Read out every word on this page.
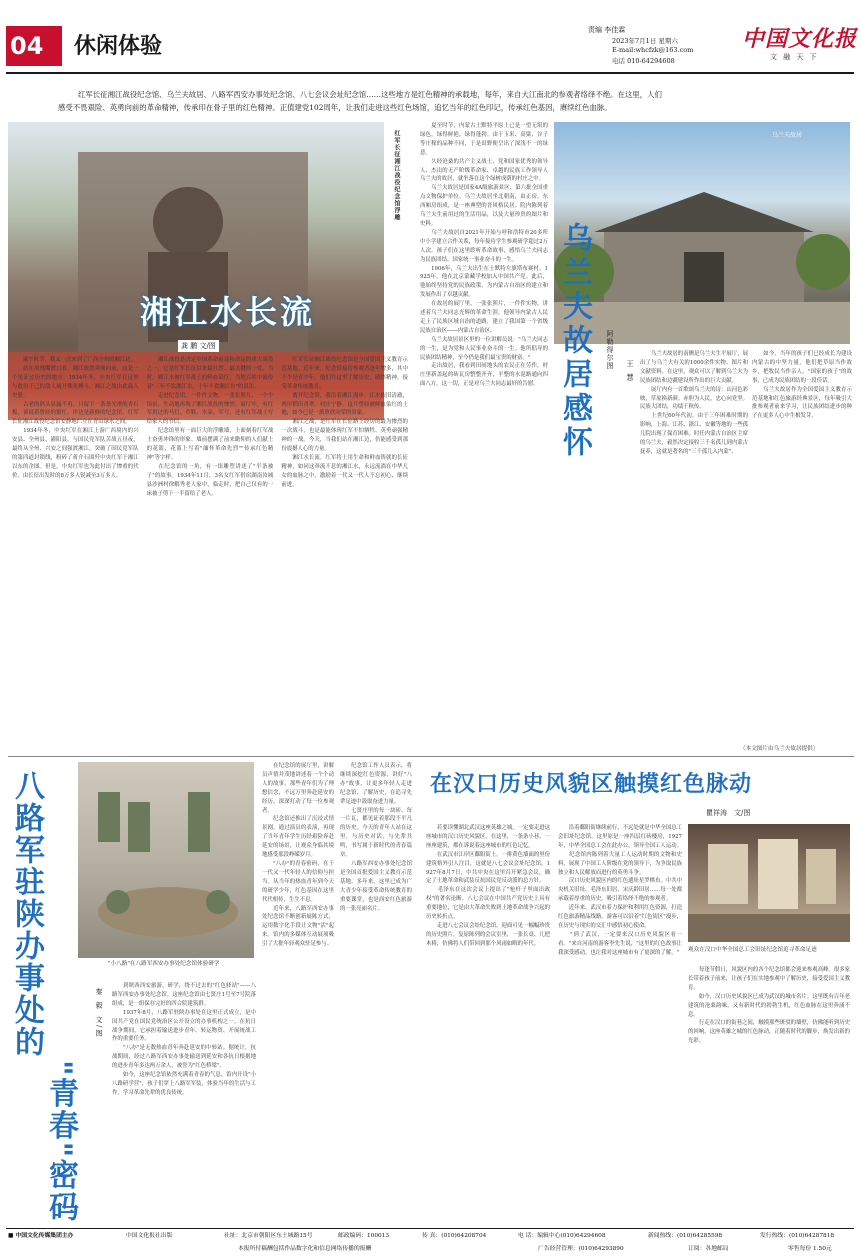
04	休闲体验
责编 李佳霖
2023年7月1日 星期六
E-mail:whcfzk@163.com
电话 010-64294608
中国文化报
文 融 天 下
红军长征湘江战役纪念馆、乌兰夫故居、八路军西安办事处纪念馆、八七会议会址纪念馆……这些地方是红色精神的承载地，每年，来自大江南北的参观者络绎不绝。在这里，人们
感受不畏艰险、英勇向前的革命精神，传承印在骨子里的红色精神。正值建党102周年，让我们走进这些红色场馆，追忆当年的红色印记，传承红色基因，赓续红色血脉。
湘江水长流
红军长征湘江战役纪念馆浮雕
龚 鹏 文/图

端午时节，我又一次来到了广西全州的湘江边。

站在凤凰嘴渡口看，湘江依然奔流向前，这是一个见证过历史的地方。1934年冬，中央红军在这里与数倍于己的敌人展开殊死搏斗，湘江之战由此载入史册。

古老的码头显露不再，只留下一条条光滑的青石板，诉说着曾经的繁忙。岸边是新修的纪念馆，红军长征湘江战役纪念馆安静地伫立在青山绿水之间。

1934年冬，中央红军在湘江上游广西境内的兴安县、全州县、灌阳县，与国民党军队苦战五昼夜，最终从全州、兴安之间强渡湘江，突破了国民党军队的第四道封锁线，粉碎了蒋介石围歼中央红军于湘江以东的企图。但是，中央红军也为此付出了惨重的代价，由长征出发时的8万多人锐减至3万多人。

湘江战役是决定中国革命前途和命运的重大战役之一，它是红军长征以来最壮烈、最关键的一仗。当时，湘江水被红军战士的鲜血染红，当地百姓中流传着"三年不饮湘江水，十年不食湘江鱼"的说法。

走进纪念馆，一件件文物、一张张照片、一个个场景，生动地再现了湘江战役的惨烈。展厅中，有红军用过的马灯、草鞋、水壶、军号，还有红军战士写给家人的书信。

纪念馆里有一面巨大的浮雕墙，上面刻着红军战士奋勇冲锋的形象。墙前摆满了前来瞻仰的人们献上的花篮，花篮上写着"缅怀革命先烈""传承红色精神"等字样。

在纪念馆的一角，有一组雕塑讲述了"半条被子"的故事。1934年11月，3名女红军借宿湖南汝城县沙洲村徐解秀老人家中，临走时，把自己仅有的一床被子剪下一半留给了老人。

红军长征湘江战役纪念馆是全国爱国主义教育示范基地。近年来，纪念馆接待参观者逐年增多，其中不少是青少年。他们在这里了解历史、感悟精神，接受革命传统教育。

离开纪念馆，我沿着湘江漫步。江水依旧清澈，两岸稻田青翠，村庄宁静。这片曾经被鲜血染红的土地，如今已是一派欣欣向荣的景象。

湘江之战，是红军在长征路上经历的最为惨烈的一次战斗，也是最能体现红军不怕牺牲、英勇顽强精神的一战。今天，当我们站在湘江边，仍能感受到那份震撼人心的力量。

湘江水长流。红军将士用生命和鲜血铸就的长征精神，如同这奔流不息的湘江水，永远流淌在中华儿女的血脉之中，激励着一代又一代人不忘初心、继续前进。

夏至时节，内蒙古土默特平原上已是一望无垠的绿色，绿得鲜艳，绿得蓬勃。由于玉米、高粱、谷子等庄稼的品种不同，于是田野便呈出了深浅不一的绿意。

久经沧桑的共产主义战士、党和国家优秀的领导人、杰出的无产阶级革命家、卓越的民族工作领导人乌兰夫的故居，就坐落在这个绿树成荫的村庄之中。

乌兰夫故居是国家4A级旅游景区、第六批全国重点文物保护单位。乌兰夫故居坐北朝南，由正房、东西厢房组成，是一座典型的晋风格民居。院内陈列着乌兰夫生前用过的生活用品，以及大量珍贵的图片和史料。

乌兰夫故居自2021年开始与呼和浩特市20多所中小学建立合作关系，每年接待学生参观研学超过2万人次。孩子们在这里聆听革命故事，感悟乌兰夫同志为民族团结、国家统一事业奋斗的一生。

1906年，乌兰夫出生在土默特左旗塔布赛村。1925年，他在北京蒙藏学校加入中国共产党。此后，他始终坚持党的民族政策，为内蒙古自治区的建立和发展作出了卓越贡献。

在故居的展厅里，一张张照片，一件件实物，讲述着乌兰夫同志光辉的革命生涯。他领导内蒙古人民走上了民族区域自治的道路，建立了我国第一个省级民族自治区——内蒙古自治区。

乌兰夫故居景区里的一位讲解员说："乌兰夫同志的一生，是为党和人民事业奋斗的一生。他所倡导的民族团结精神，至今仍是我们最宝贵的财富。"

走出故居，我看到田间地头的农民正在劳作，村庄里新盖起的砖瓦房整整齐齐，平整的水泥路通向四面八方。这一切，正是对乌兰夫同志最好的告慰。

乌兰夫故居
乌兰夫故居感怀 阿勒得尔图
王 慧

乌兰夫故居的南侧是乌兰夫生平展厅，展出了与乌兰夫有关的1000余件实物、图片和文献资料。在这里，观众可以了解到乌兰夫为民族团结和边疆建设所作出的巨大贡献。

展厅内有一首歌颂乌兰夫的诗：山河色彩映，草原换新颜。赤胆为人民，忠心向党坚。民族大团结，功绩千秋传。

上世纪60年代初，由于三年困难时期的影响，上海、江苏、浙江、安徽等地的一些孤儿院出现了保育困难。时任内蒙古自治区主席的乌兰夫，毅然决定接收三千名孤儿到内蒙古抚养，这就是著名的"三千孤儿入内蒙"。

如今，当年的孩子们已经成长为建设内蒙古的中坚力量，他们把草原当作故乡，把牧民当作亲人。"国家的孩子"的故事，已成为民族团结的一段佳话。

乌兰夫故居作为全国爱国主义教育示范基地和红色旅游经典景区，每年吸引大批参观者前来学习，让民族团结进步的种子在更多人心中生根发芽。

（本文图片由乌兰夫故居提供）
"小八路"在八路军西安办事处纪念馆体验研学
八路军驻陕办事处的
"青春"密码
秦 毅
文/图

到陕西西安旅游，研学，绕不过去的"红色驿站"——八路军西安办事处纪念馆。这座纪念馆由七贤庄1号至7号院落组成，是一组保存完好的四合院建筑群。

1937年8月，八路军驻陕办事处在这里正式成立，是中国共产党在国民党统治区公开设立的办事机构之一。在抗日战争期间，它承担着输送进步青年、转运物资、开展统战工作的重要任务。

"八办"是无数热血青年奔赴延安的中转站。据统计，抗战期间，经过八路军西安办事处输送到延安和各抗日根据地的进步青年多达两万余人，被誉为"红色桥梁"。

如今，这座纪念馆依然充满着青春的气息。馆内开设"小八路研学营"，孩子们穿上八路军军装，体验当年的生活与工作，学习革命先辈的优良传统。

在纪念馆的展厅里，讲解员声情并茂地讲述着一个个动人的故事。那些青年们为了理想信念，不远万里奔赴延安的经历，深深打动了每一位参观者。

纪念馆还推出了沉浸式情景剧，通过演员的表演，再现了当年青年学生历经艰险奔赴延安的场景，让观众身临其境地感受那段峥嵘岁月。

"八办"的青春密码，在于一代又一代年轻人的信仰与担当。从当年的热血青年到今天的研学少年，红色基因在这里代代相传，生生不息。

近年来，八路军西安办事处纪念馆不断创新展陈方式，运用数字化手段让文物"活"起来。馆内的多媒体互动展项吸引了大批年轻观众驻足参与。

纪念馆工作人员表示，将继续深挖红色资源，讲好"八办"故事，让更多年轻人走进纪念馆、了解历史，在追寻先辈足迹中汲取奋进力量。

七贤庄里的每一块砖、每一片瓦，都见证着那段不平凡的历史。今天的青年人站在这里，与历史对话，与先辈共鸣，书写属于新时代的青春篇章。

八路军西安办事处纪念馆是全国首批爱国主义教育示范基地。多年来，这里已成为广大青少年接受革命传统教育的重要课堂，也是西安红色旅游的一张亮丽名片。

在汉口历史风貌区触摸红色脉动
瞿祥涛 文/图

若要读懂湖北武汉这座英雄之城，一定要走进这座城市的汉口历史风貌区。在这里，一条条小巷、一座座建筑，都在诉说着这座城市的红色记忆。

在武汉市江岸区鄱阳街上，一排黄色墙面的里份建筑格外引人注目，这就是八七会议会址纪念馆。1927年8月7日，中共中央在这里召开紧急会议，确定了土地革命和武装反抗国民党反动派的总方针。

毛泽东在这次会议上提出了"枪杆子里面出政权"的著名论断。八七会议在中国共产党历史上具有重要地位，它是由大革命失败到土地革命战争兴起的历史转折点。

走进八七会议会址纪念馆，迎面可见一幅幅珍贵的历史照片。复原陈列的会议室里，一张长桌、几把木椅，仿佛将人们带回到那个风雨如晦的年代。

沿着鄱阳街继续前行，不远处就是中华全国总工会旧址纪念馆。这里原是一座四层红砖楼房，1927年，中华全国总工会在此办公，领导全国工人运动。

纪念馆内陈列着大量工人运动时期的文物和史料，展现了中国工人阶级在党的领导下，为争取民族独立和人民解放而进行的英勇斗争。

汉口历史风貌区内的红色遗址星罗棋布。中共中央机关旧址、毛泽东旧居、宋庆龄旧居……每一处都承载着厚重的历史，吸引着络绎不绝的参观者。

近年来，武汉市着力保护和利用红色资源，打造红色旅游精品线路。游客可以沿着"红色街区"漫步，在历史与现实的交汇中感悟初心使命。

"到了武汉，一定要来汉口历史风貌区看一看。"来自河南的游客李先生说，"这里的红色故事让我深受感动，也让我对这座城市有了更深的了解。"	观众在汉口中华全国总工会旧址纪念馆追寻革命足迹

每逢节假日，风貌区内的各个纪念馆都会迎来参观高峰。很多家长带着孩子前来，让孩子们在实地参观中了解历史，接受爱国主义教育。

如今，汉口历史风貌区已成为武汉的城市名片。这里既有百年老建筑的沧桑韵味，又有新时代的勃勃生机，红色血脉在这里奔涌不息。

行走在汉口的街巷之间，触摸那些斑驳的墙壁，仿佛能听到历史的回响。这座英雄之城的红色脉动，正随着时代的脚步，焕发出新的光彩。

■ 中国文化传媒集团主办	中国文化报社出版	社址：北京市朝阳区东土城路15号	邮政编码：100013	传 真：(010)64208704	电 话：编辑中心(010)64294608	新闻热线：(010)64285598	发行热线：(010)64287818
本报所付稿酬包括作品数字化和信息网络传播的报酬	广告经营管理：(010)64293890	订阅：各地邮局	零售每份 1.50元
